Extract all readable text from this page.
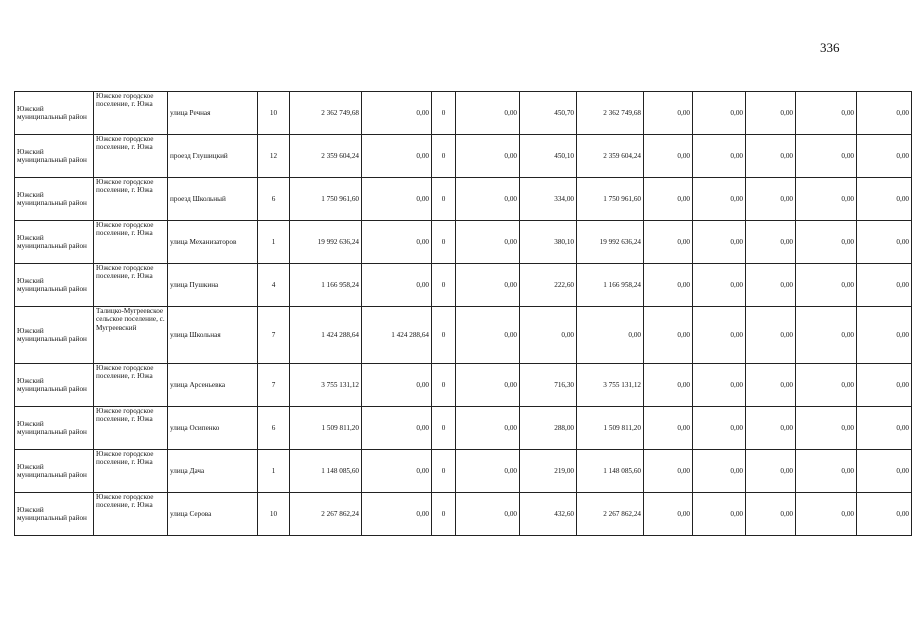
336
Южский муниципальный район	Южское городское поселение, г. Южа	улица Речная	10	2 362 749,68	0,00	0	0,00	450,70	2 362 749,68	0,00	0,00	0,00	0,00	0,00
Южский муниципальный район	Южское городское поселение, г. Южа	проезд Глушицкий	12	2 359 604,24	0,00	0	0,00	450,10	2 359 604,24	0,00	0,00	0,00	0,00	0,00
Южский муниципальный район	Южское городское поселение, г. Южа	проезд Школьный	6	1 750 961,60	0,00	0	0,00	334,00	1 750 961,60	0,00	0,00	0,00	0,00	0,00
Южский муниципальный район	Южское городское поселение, г. Южа	улица Механизаторов	1	19 992 636,24	0,00	0	0,00	380,10	19 992 636,24	0,00	0,00	0,00	0,00	0,00
Южский муниципальный район	Южское городское поселение, г. Южа	улица Пушкина	4	1 166 958,24	0,00	0	0,00	222,60	1 166 958,24	0,00	0,00	0,00	0,00	0,00
Южский муниципальный район	Талицко-Мугреевское сельское поселение, с. Мугреевский	улица Школьная	7	1 424 288,64	1 424 288,64	0	0,00	0,00	0,00	0,00	0,00	0,00	0,00	0,00
Южский муниципальный район	Южское городское поселение, г. Южа	улица Арсеньевка	7	3 755 131,12	0,00	0	0,00	716,30	3 755 131,12	0,00	0,00	0,00	0,00	0,00
Южский муниципальный район	Южское городское поселение, г. Южа	улица Осипенко	6	1 509 811,20	0,00	0	0,00	288,00	1 509 811,20	0,00	0,00	0,00	0,00	0,00
Южский муниципальный район	Южское городское поселение, г. Южа	улица Дача	1	1 148 085,60	0,00	0	0,00	219,00	1 148 085,60	0,00	0,00	0,00	0,00	0,00
Южский муниципальный район	Южское городское поселение, г. Южа	улица Серова	10	2 267 862,24	0,00	0	0,00	432,60	2 267 862,24	0,00	0,00	0,00	0,00	0,00
